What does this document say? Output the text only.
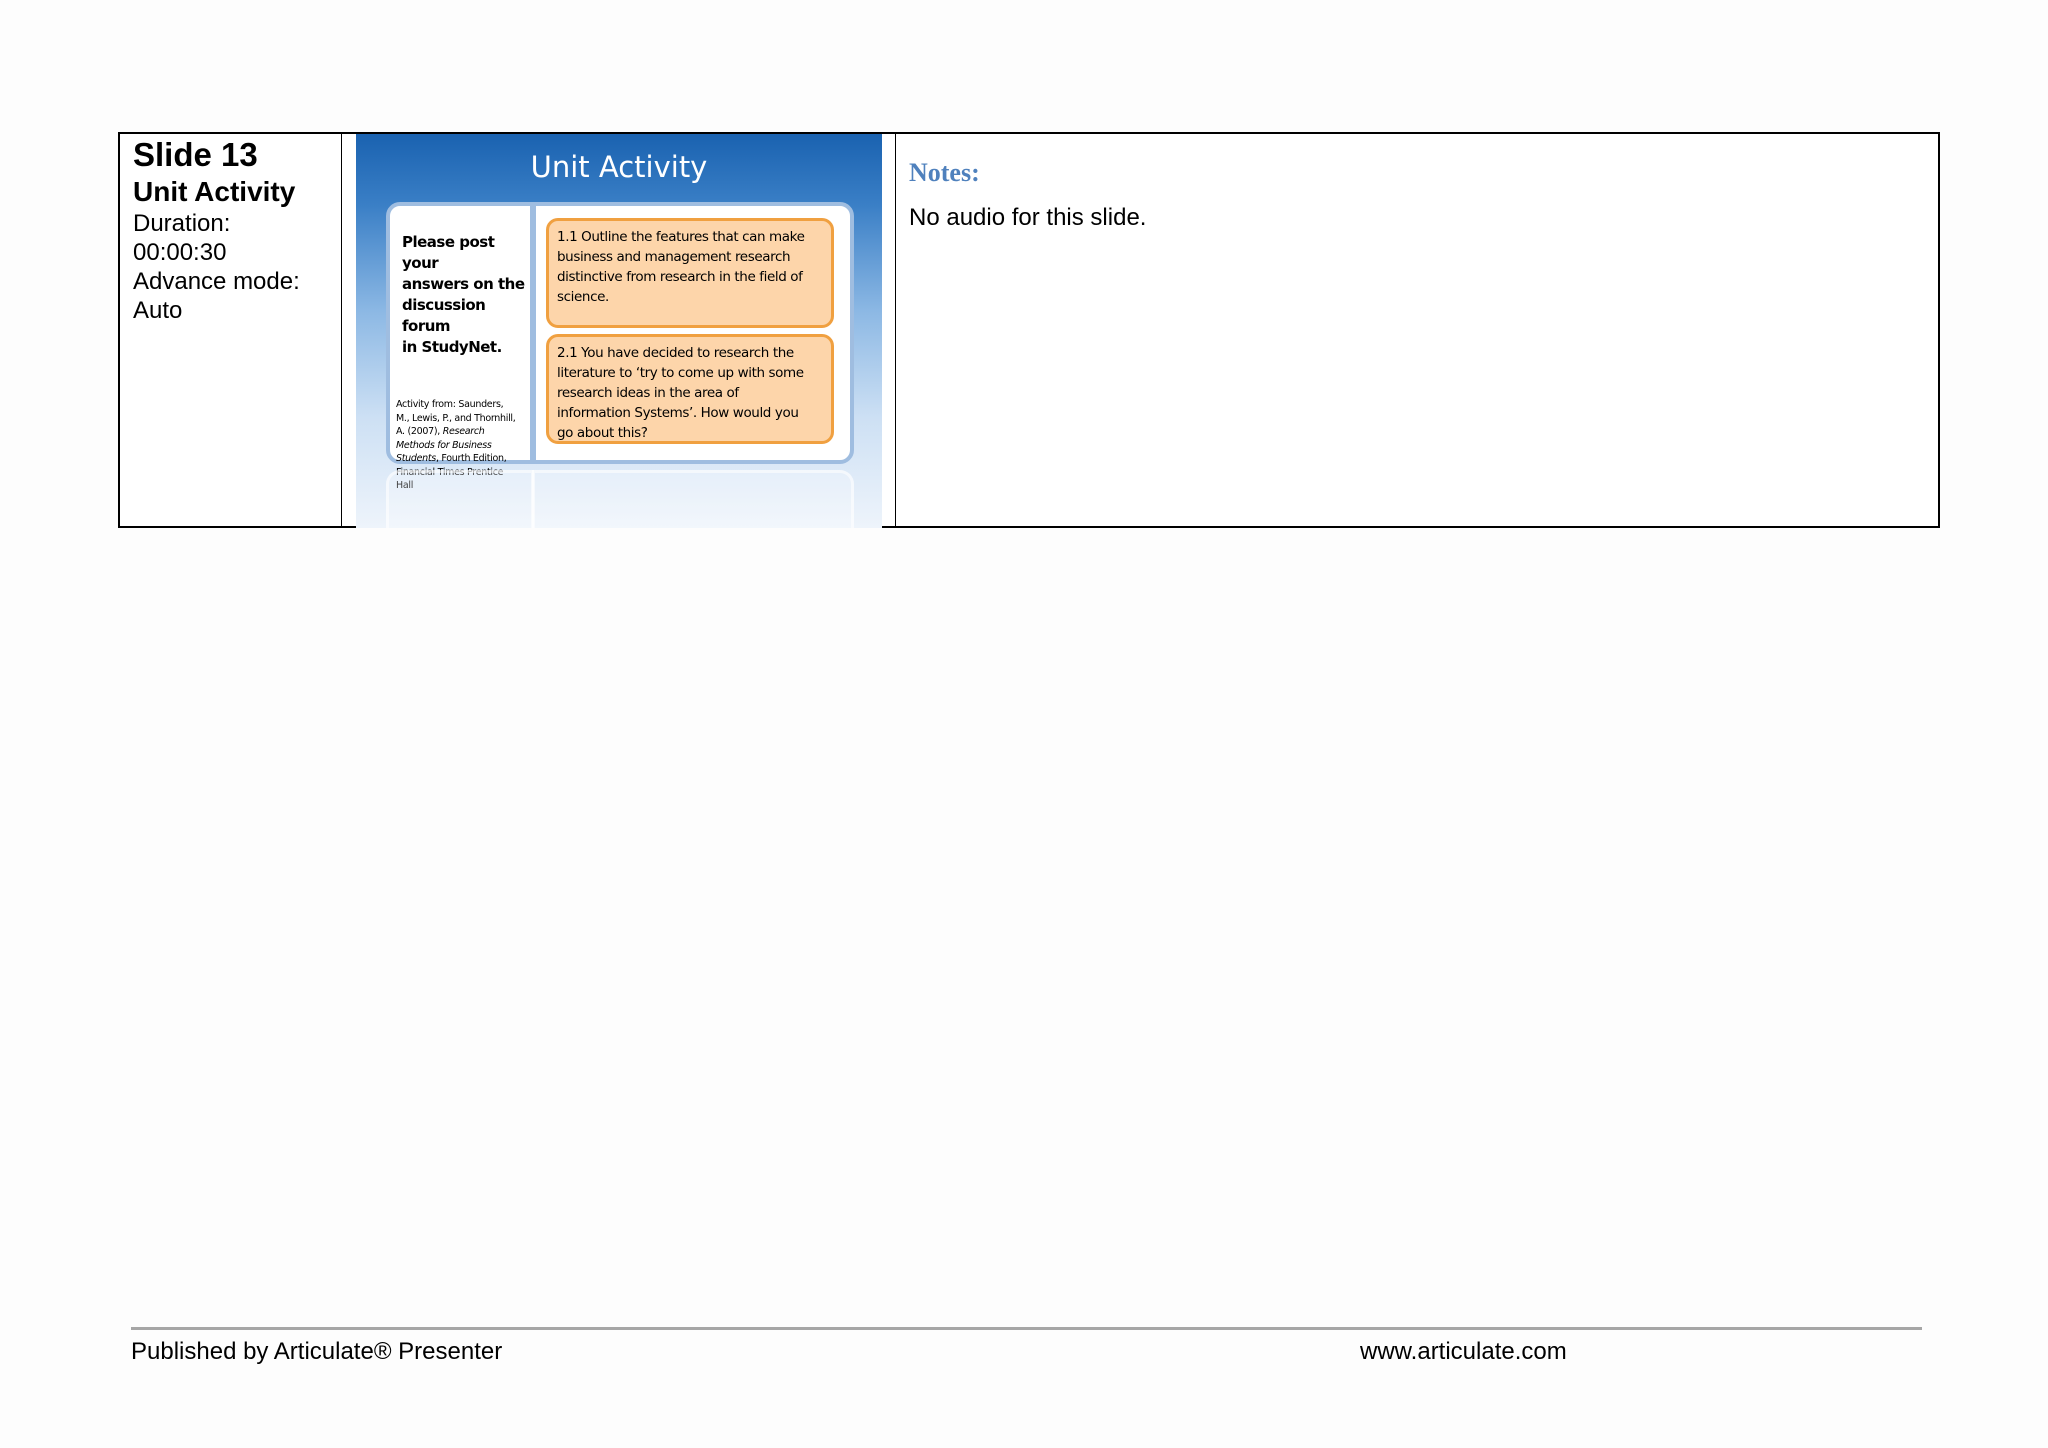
Slide 13
Unit Activity
Duration:
00:00:30
Advance mode:
Auto
Unit Activity
Please post your
answers on the
discussion forum
in StudyNet.
Activity from: Saunders,
M., Lewis, P., and Thornhill,
A. (2007), Research
Methods for Business
Students, Fourth Edition,
Financial Times Prentice
Hall
1.1 Outline the features that can make
business and management research
distinctive from research in the field of
science.
2.1 You have decided to research the
literature to ‘try to come up with some
research ideas in the area of
information Systems’. How would you
go about this?
Notes:
No audio for this slide.
Published by Articulate® Presenter	www.articulate.com
